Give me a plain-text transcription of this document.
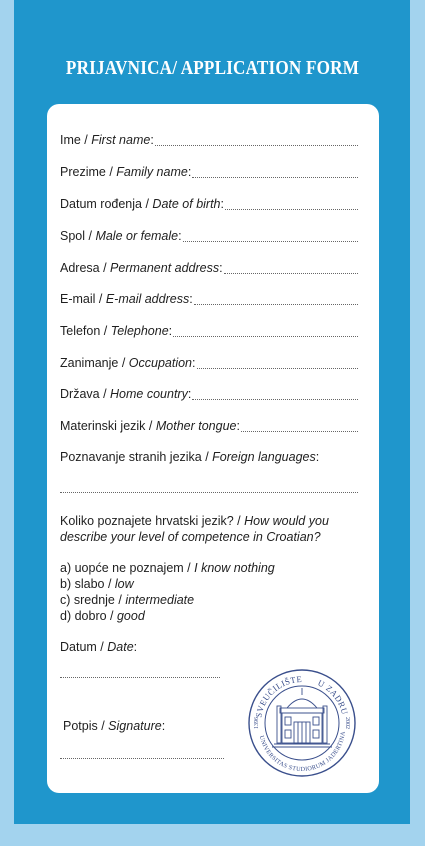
PRIJAVNICA/ APPLICATION FORM
Ime / First name:
Prezime / Family name:
Datum rođenja / Date of birth:
Spol / Male or female:
Adresa / Permanent address:
E-mail / E-mail address:
Telefon / Telephone:
Zanimanje / Occupation:
Država / Home country:
Materinski jezik / Mother tongue:
Poznavanje stranih jezika / Foreign languages:
Koliko poznajete hrvatski jezik? / How would you
describe your level of competence in Croatian?
a) uopće ne poznajem / I know nothing
b) slabo / low
c) srednje / intermediate
d) dobro / good
Datum / Date:
Potpis / Signature:
SVEUČILIŠTE U ZADRU
UNIVERSITAS STUDIORUM JADERTINA
1396	2002
